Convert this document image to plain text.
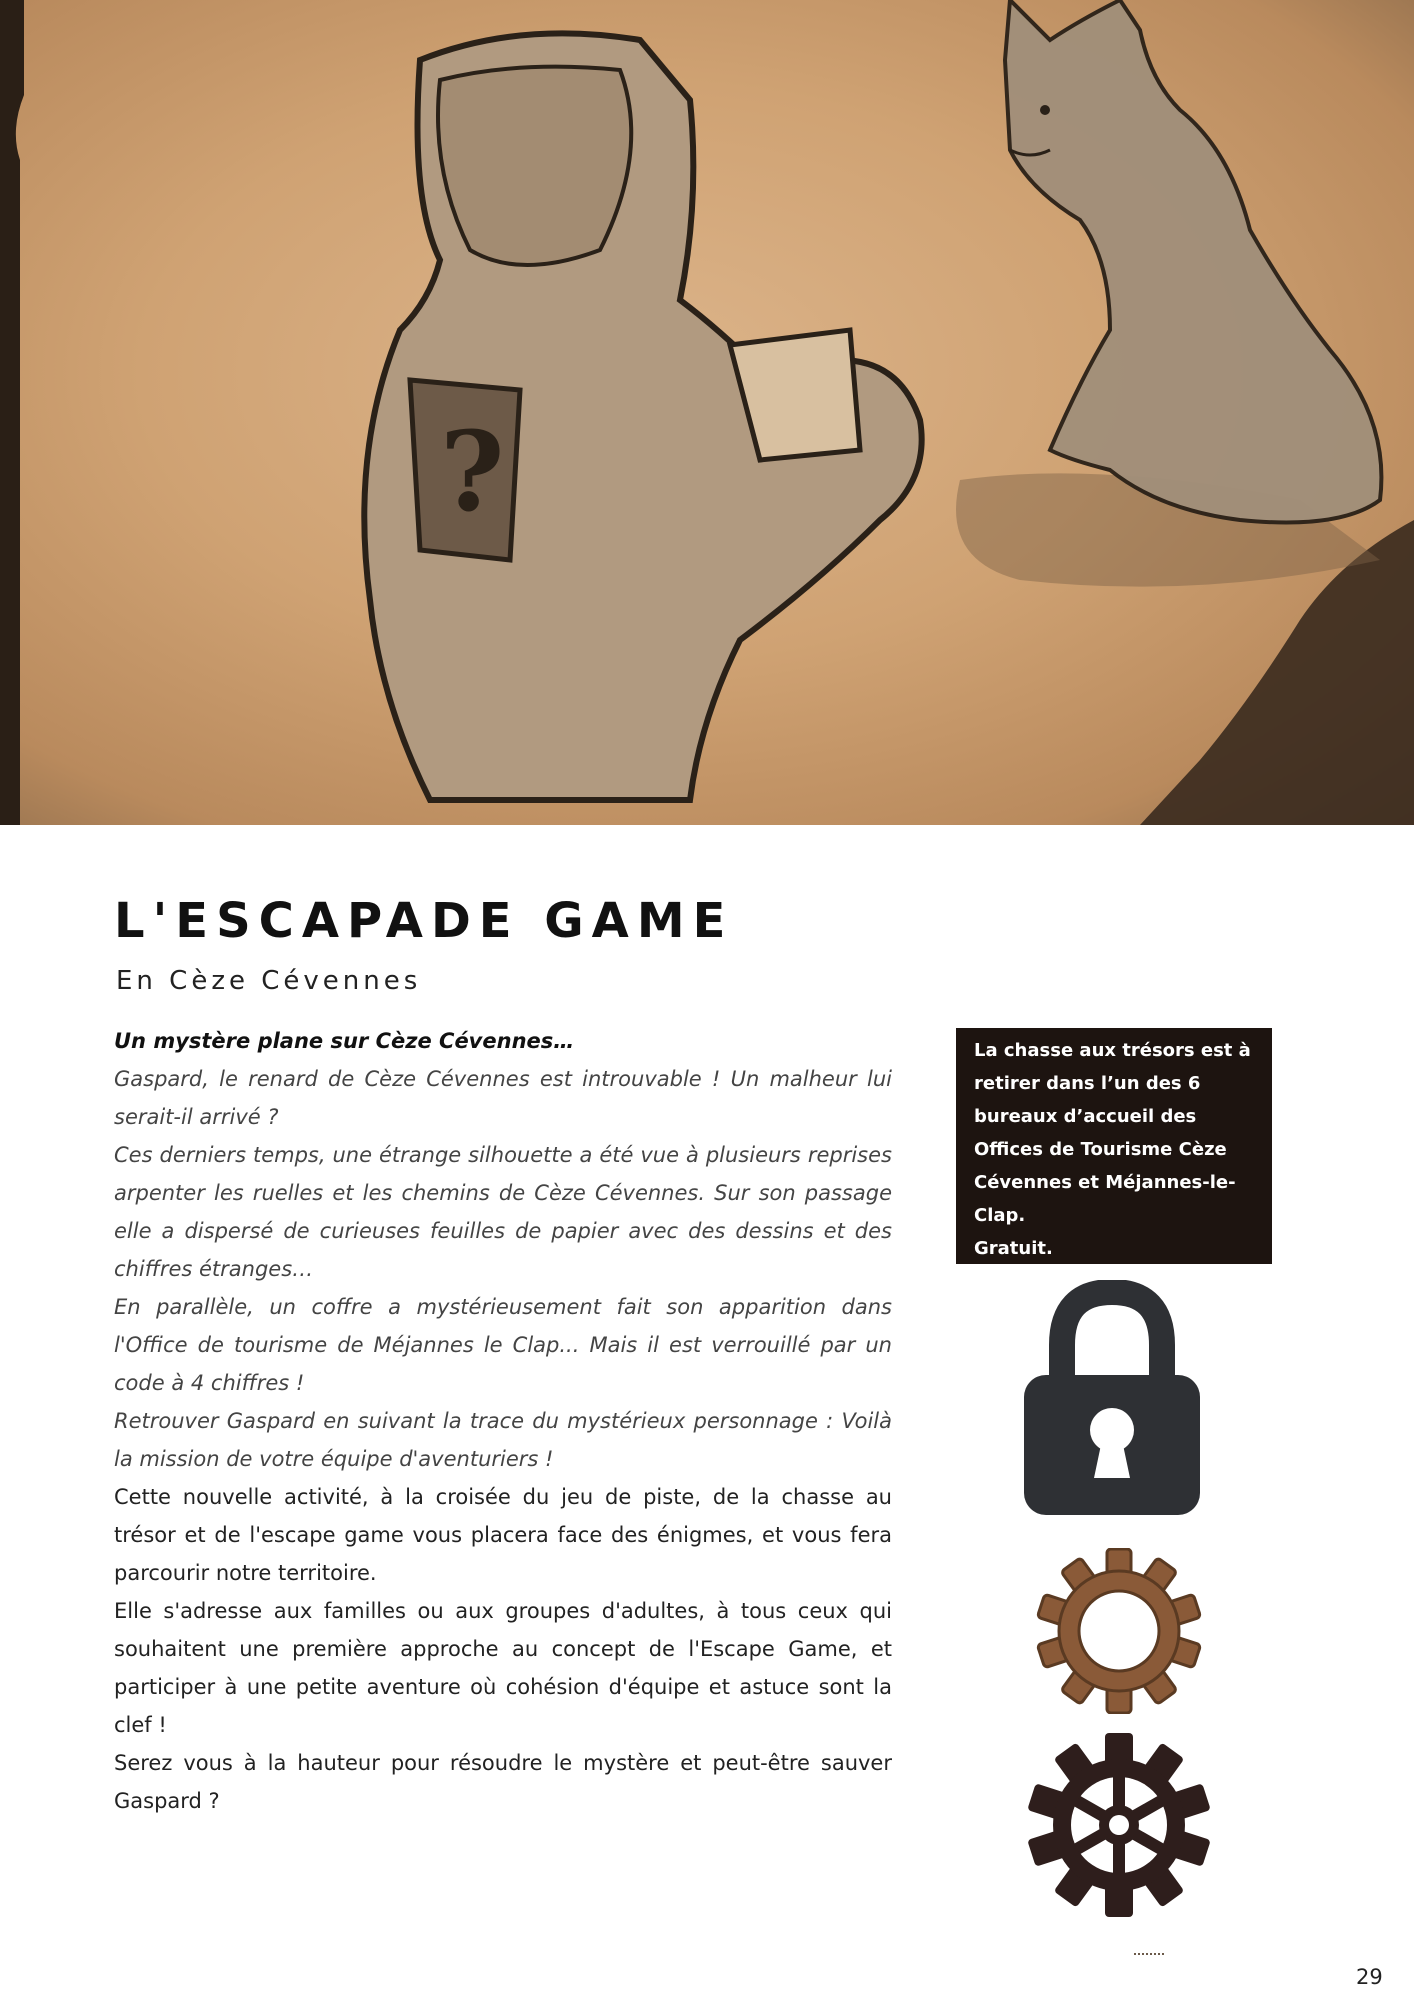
?
L'ESCAPADE GAME

En Cèze Cévennes

Un mystère plane sur Cèze Cévennes…

Gaspard, le renard de Cèze Cévennes est introuvable ! Un malheur lui serait-il arrivé ?

Ces derniers temps, une étrange silhouette a été vue à plusieurs reprises arpenter les ruelles et les chemins de Cèze Cévennes. Sur son passage elle a dispersé de curieuses feuilles de papier avec des dessins et des chiffres étranges…

En parallèle, un coffre a mystérieusement fait son apparition dans l'Office de tourisme de Méjannes le Clap... Mais il est verrouillé par un code à 4 chiffres !

Retrouver Gaspard en suivant la trace du mystérieux personnage : Voilà la mission de votre équipe d'aventuriers !

Cette nouvelle activité, à la croisée du jeu de piste, de la chasse au trésor et de l'escape game vous placera face des énigmes, et vous fera parcourir notre territoire.

Elle s'adresse aux familles ou aux groupes d'adultes, à tous ceux qui souhaitent une première approche au concept de l'Escape Game, et participer à une petite aventure où cohésion d'équipe et astuce sont la clef !

Serez vous à la hauteur pour résoudre le mystère et peut-être sauver Gaspard ?

La chasse aux trésors est à retirer dans l’un des 6 bureaux d’accueil des Offices de Tourisme Cèze Cévennes et Méjannes-le-Clap.

Gratuit.

29
